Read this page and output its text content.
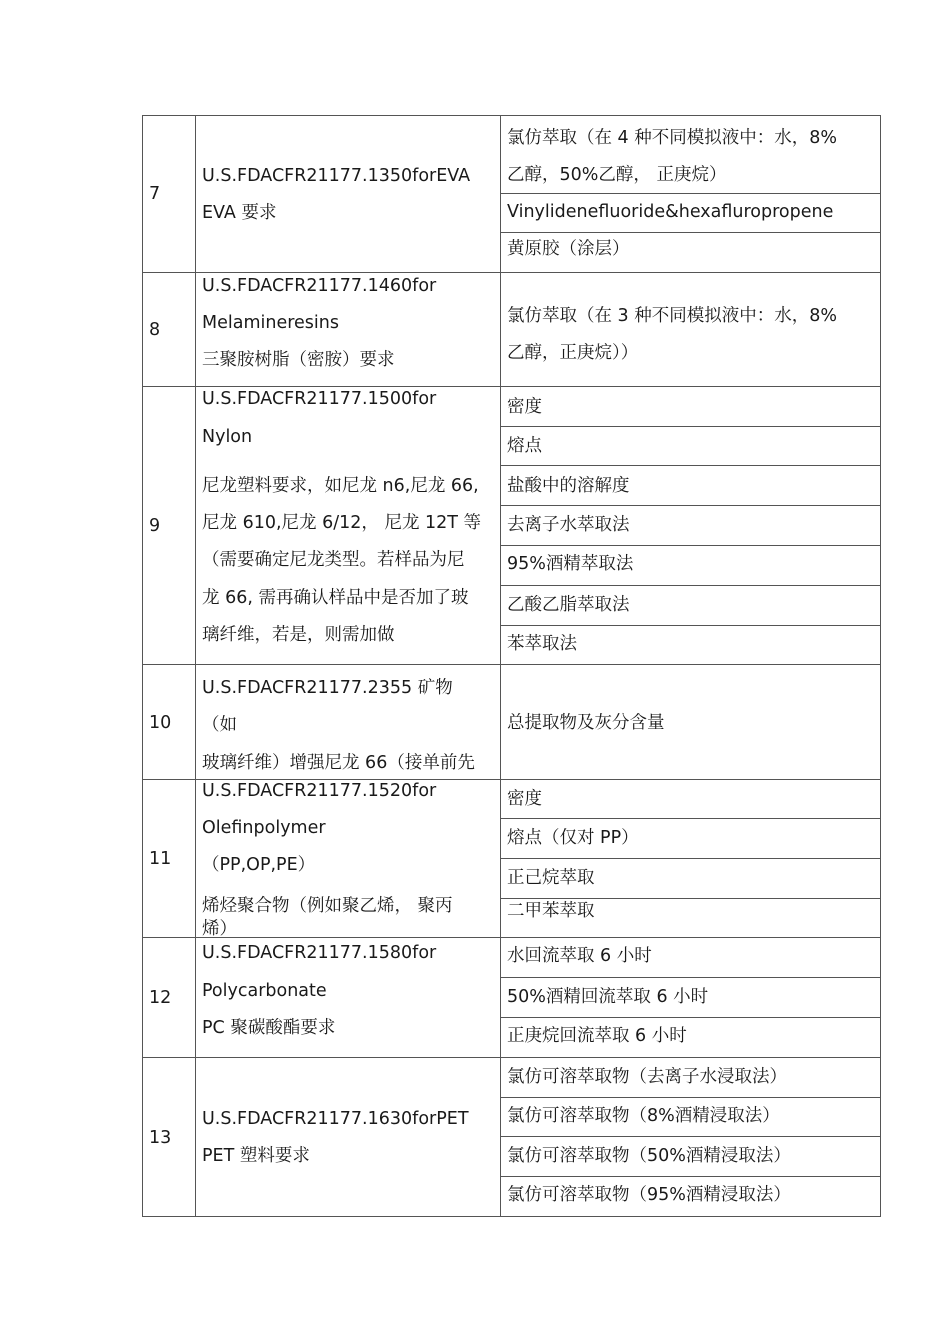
7
U.S.FDACFR21177.1350forEVA
EVA 要求
氯仿萃取（在 4 种不同模拟液中：水，8%
乙醇，50%乙醇， 正庚烷）
Vinylidenefluoride&hexafluropropene
黄原胶（涂层）
8
U.S.FDACFR21177.1460for
Melamineresins
三聚胺树脂（密胺）要求
氯仿萃取（在 3 种不同模拟液中：水，8%
乙醇，正庚烷））
9
U.S.FDACFR21177.1500for
Nylon
尼龙塑料要求，如尼龙 n6,尼龙 66,
尼龙 610,尼龙 6/12， 尼龙 12T 等
（需要确定尼龙类型。若样品为尼
龙 66, 需再确认样品中是否加了玻
璃纤维，若是，则需加做
密度
熔点
盐酸中的溶解度
去离子水萃取法
95%酒精萃取法
乙酸乙脂萃取法
苯萃取法
10
U.S.FDACFR21177.2355 矿物
（如
玻璃纤维）增强尼龙 66（接单前先
总提取物及灰分含量
11
U.S.FDACFR21177.1520for
Olefinpolymer
（PP,OP,PE）
烯烃聚合物（例如聚乙烯， 聚丙
烯）
密度
熔点（仅对 PP）
正己烷萃取
二甲苯萃取
12
U.S.FDACFR21177.1580for
Polycarbonate
PC 聚碳酸酯要求
水回流萃取 6 小时
50%酒精回流萃取 6 小时
正庚烷回流萃取 6 小时
13
U.S.FDACFR21177.1630forPET
PET 塑料要求
氯仿可溶萃取物（去离子水浸取法）
氯仿可溶萃取物（8%酒精浸取法）
氯仿可溶萃取物（50%酒精浸取法）
氯仿可溶萃取物（95%酒精浸取法）
